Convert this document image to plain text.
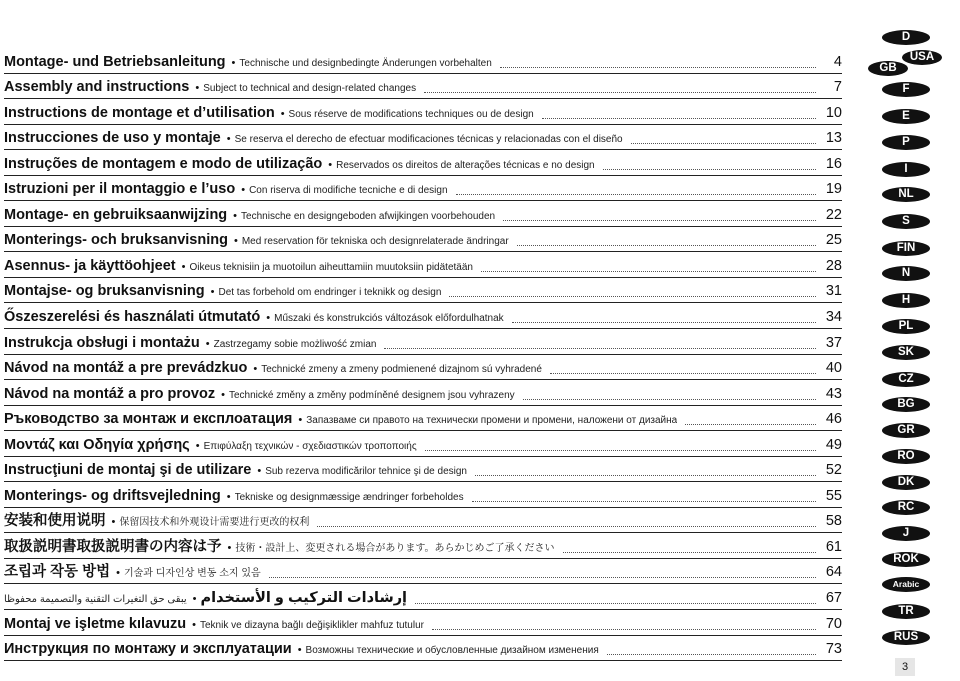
Montage- und Betriebsanleitung • Technische und designbedingte Änderungen vorbehalten	4
Assembly and instructions • Subject to technical and design-related changes	7
Instructions de montage et d’utilisation • Sous réserve de modifications techniques ou de design	10
Instrucciones de uso y montaje • Se reserva el derecho de efectuar modificaciones técnicas y relacionadas con el diseño	13
Instruções de montagem e modo de utilização • Reservados os direitos de alterações técnicas e no design	16
Istruzioni per il montaggio e l’uso • Con riserva di modifiche tecniche e di design	19
Montage- en gebruiksaanwijzing • Technische en designgeboden afwijkingen voorbehouden	22
Monterings- och bruksanvisning • Med reservation för tekniska och designrelaterade ändringar	25
Asennus- ja käyttöohjeet • Oikeus teknisiin ja muotoilun aiheuttamiin muutoksiin pidätetään	28
Montajse- og bruksanvisning • Det tas forbehold om endringer i teknikk og design	31
Őszeszerelési és használati útmutató • Műszaki és konstrukciós változások előfordulhatnak	34
Instrukcja obsługi i montażu • Zastrzegamy sobie możliwość zmian	37
Návod na montáž a pre prevádzkuo • Technické zmeny a zmeny podmienené dizajnom sú vyhradené	40
Návod na montáž a pro provoz • Technické změny a změny podmíněné designem jsou vyhrazeny	43
Ръководство за монтаж и експлоатация • Запазваме си правото на технически промени и промени, наложени от дизайна	46
Μοντάζ και Οδηγία χρήσης • Επιφύλαξη τεχνικών - σχεδιαστικών τροποποιής	49
Instrucţiuni de montaj şi de utilizare • Sub rezerva modificărilor tehnice şi de design	52
Monterings- og driftsvejledning • Tekniske og designmæssige ændringer forbeholdes	55
安装和使用说明 • 保留因技术和外观设计需要进行更改的权利	58
取扱説明書取扱説明書の内容は予 • 技術・設計上、変更される場合があります。あらかじめご了承ください	61
조립과 작동 방법 • 기술과 디자인상 변동 소지 있음	64
يبقى حق التغيرات التقنية والتصميمة محفوظا • إرشادات التركيب و الأستخدام	67
Montaj ve işletme kılavuzu • Teknik ve dizayna bağlı değişiklikler mahfuz tutulur	70
Инструкция по монтажу и эксплуатации • Возможны технические и обусловленные дизайном изменения	73
D
GB
USA
F
E
P
I
NL
S
FIN
N
H
PL
SK
CZ
BG
GR
RO
DK
RC
J
ROK
Arabic
TR
RUS
3
